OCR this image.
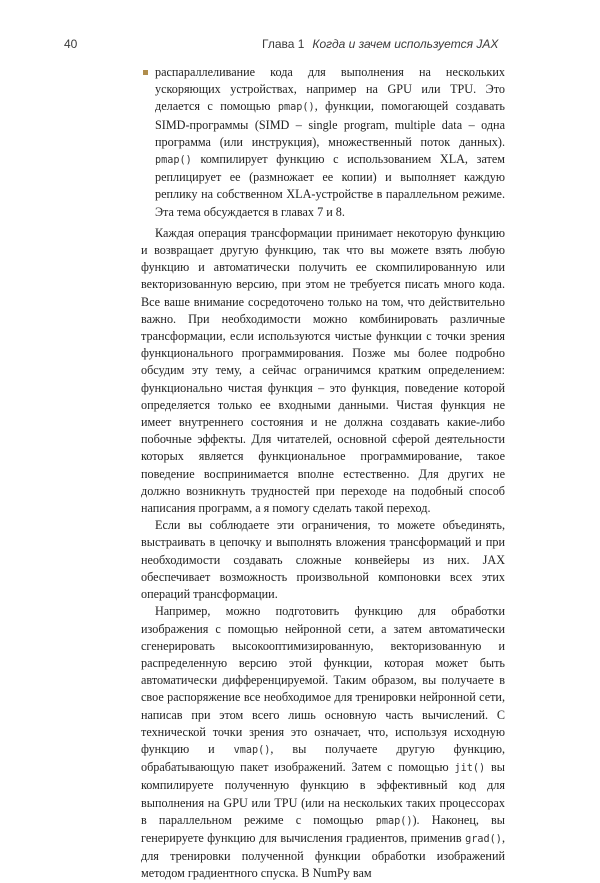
40	Глава 1 Когда и зачем используется JAX
распараллеливание кода для выполнения на нескольких ускоряющих устройствах, например на GPU или TPU. Это делается с помощью pmap(), функции, помогающей создавать SIMD-программы (SIMD – single program, multiple data – одна программа (или инструкция), множественный поток данных). pmap() компилирует функцию с использованием XLA, затем реплицирует ее (размножает ее копии) и выполняет каждую реплику на собственном XLA-устройстве в параллельном режиме. Эта тема обсуждается в главах 7 и 8.

Каждая операция трансформации принимает некоторую функцию и возвращает другую функцию, так что вы можете взять любую функцию и автоматически получить ее скомпилированную или векторизованную версию, при этом не требуется писать много кода. Все ваше внимание сосредоточено только на том, что действительно важно. При необходимости можно комбинировать различные трансформации, если используются чистые функции с точки зрения функционального программирования. Позже мы более подробно обсудим эту тему, а сейчас ограничимся кратким определением: функционально чистая функция – это функция, поведение которой определяется только ее входными данными. Чистая функция не имеет внутреннего состояния и не должна создавать какие-либо побочные эффекты. Для читателей, основной сферой деятельности которых является функциональное программирование, такое поведение воспринимается вполне естественно. Для других не должно возникнуть трудностей при переходе на подобный способ написания программ, а я помогу сделать такой переход.

Если вы соблюдаете эти ограничения, то можете объединять, выстраивать в цепочку и выполнять вложения трансформаций и при необходимости создавать сложные конвейеры из них. JAX обеспечивает возможность произвольной компоновки всех этих операций трансформации.

Например, можно подготовить функцию для обработки изображения с помощью нейронной сети, а затем автоматически сгенерировать высокооптимизированную, векторизованную и распределенную версию этой функции, которая может быть автоматически дифференцируемой. Таким образом, вы получаете в свое распоряжение все необходимое для тренировки нейронной сети, написав при этом всего лишь основную часть вычислений. С технической точки зрения это означает, что, используя исходную функцию и vmap(), вы получаете другую функцию, обрабатывающую пакет изображений. Затем с помощью jit() вы компилируете полученную функцию в эффективный код для выполнения на GPU или TPU (или на нескольких таких процессорах в параллельном режиме с помощью pmap()). Наконец, вы генерируете функцию для вычисления градиентов, применив grad(), для тренировки полученной функции обработки изображений методом градиентного спуска. В NumPy вам
